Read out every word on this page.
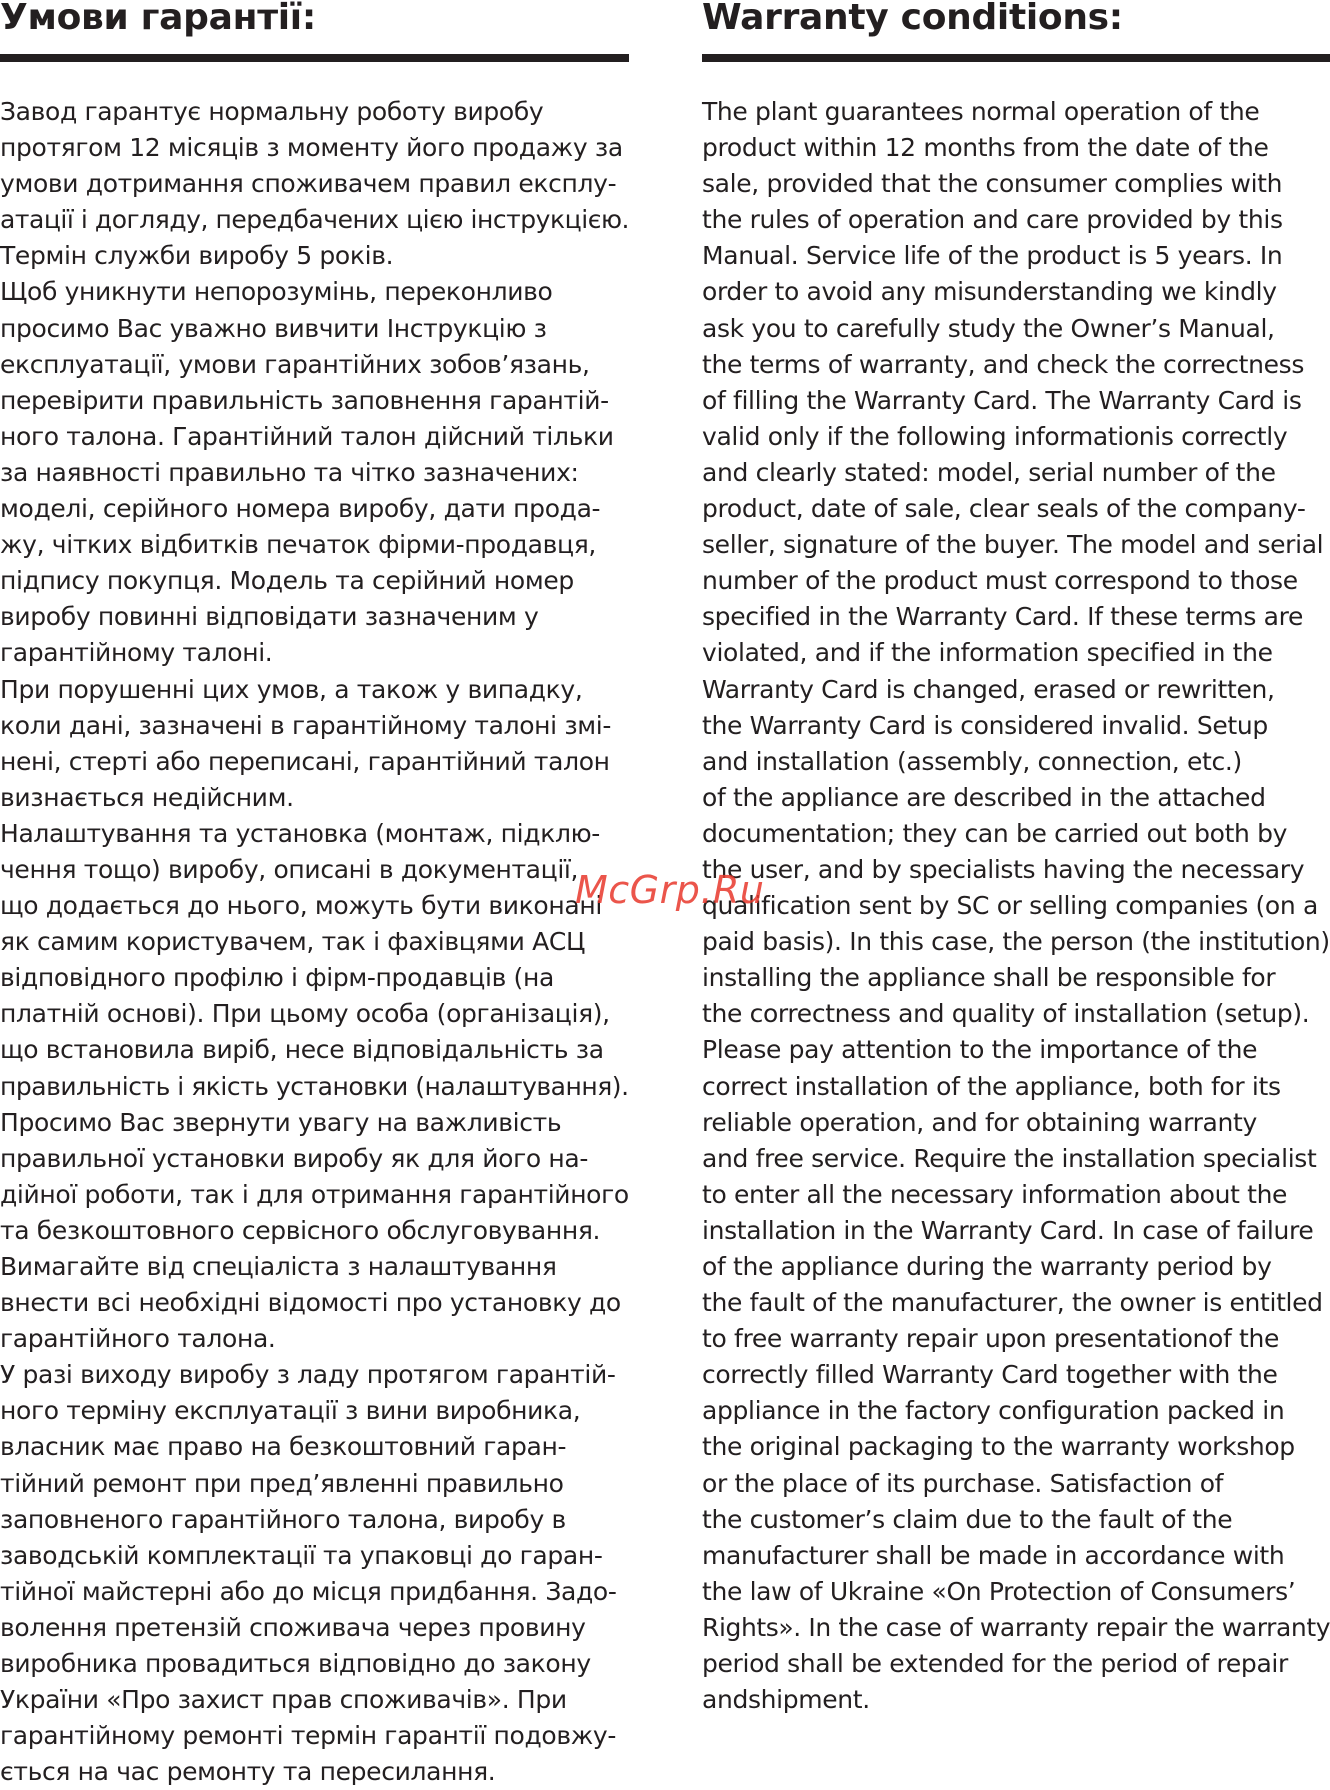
Умови гарантії:
Завод гарантує нормальну роботу виробу
протягом 12 місяців з моменту його продажу за
умови дотримання споживачем правил експлу-
атації і догляду, передбачених цією інструкцією.
Термін служби виробу 5 років.
Щоб уникнути непорозумінь, переконливо
просимо Вас уважно вивчити Інструкцію з
експлуатації, умови гарантійних зобов’язань,
перевірити правильність заповнення гарантій-
ного талона. Гарантійний талон дійсний тільки
за наявності правильно та чітко зазначених:
моделі, серійного номера виробу, дати прода-
жу, чітких відбитків печаток фірми-продавця,
підпису покупця. Модель та серійний номер
виробу повинні відповідати зазначеним у
гарантійному талоні.
При порушенні цих умов, а також у випадку,
коли дані, зазначені в гарантійному талоні змі-
нені, стерті або переписані, гарантійний талон
визнається недійсним.
Налаштування та установка (монтаж, підклю-
чення тощо) виробу, описані в документації,
що додається до нього, можуть бути виконані
як самим користувачем, так і фахівцями АСЦ
відповідного профілю і фірм-продавців (на
платній основі). При цьому особа (організація),
що встановила виріб, несе відповідальність за
правильність і якість установки (налаштування).
Просимо Вас звернути увагу на важливість
правильної установки виробу як для його на-
дійної роботи, так і для отримання гарантійного
та безкоштовного сервісного обслуговування.
Вимагайте від спеціаліста з налаштування
внести всі необхідні відомості про установку до
гарантійного талона.
У разі виходу виробу з ладу протягом гарантій-
ного терміну експлуатації з вини виробника,
власник має право на безкоштовний гаран-
тійний ремонт при пред’явленні правильно
заповненого гарантійного талона, виробу в
заводській комплектації та упаковці до гаран-
тійної майстерні або до місця придбання. Задо-
волення претензій споживача через провину
виробника провадиться відповідно до закону
України «Про захист прав споживачів». При
гарантійному ремонті термін гарантії подовжу-
ється на час ремонту та пересилання.
Warranty conditions:
The plant guarantees normal operation of the
product within 12 months from the date of the
sale, provided that the consumer complies with
the rules of operation and care provided by this
Manual. Service life of the product is 5 years. In
order to avoid any misunderstanding we kindly
ask you to carefully study the Owner’s Manual,
the terms of warranty, and check the correctness
of filling the Warranty Card. The Warranty Card is
valid only if the following informationis correctly
and clearly stated: model, serial number of the
product, date of sale, clear seals of the company-
seller, signature of the buyer. The model and serial
number of the product must correspond to those
specified in the Warranty Card. If these terms are
violated, and if the information specified in the
Warranty Card is changed, erased or rewritten,
the Warranty Card is considered invalid. Setup
and installation (assembly, connection, etc.)
of the appliance are described in the attached
documentation; they can be carried out both by
the user, and by specialists having the necessary
qualification sent by SC or selling companies (on a
paid basis). In this case, the person (the institution)
installing the appliance shall be responsible for
the correctness and quality of installation (setup).
Please pay attention to the importance of the
correct installation of the appliance, both for its
reliable operation, and for obtaining warranty
and free service. Require the installation specialist
to enter all the necessary information about the
installation in the Warranty Card. In case of failure
of the appliance during the warranty period by
the fault of the manufacturer, the owner is entitled
to free warranty repair upon presentationof the
correctly filled Warranty Card together with the
appliance in the factory configuration packed in
the original packaging to the warranty workshop
or the place of its purchase. Satisfaction of
the customer’s claim due to the fault of the
manufacturer shall be made in accordance with
the law of Ukraine «On Protection of Consumers’
Rights». In the case of warranty repair the warranty
period shall be extended for the period of repair
andshipment.
McGrp.Ru
